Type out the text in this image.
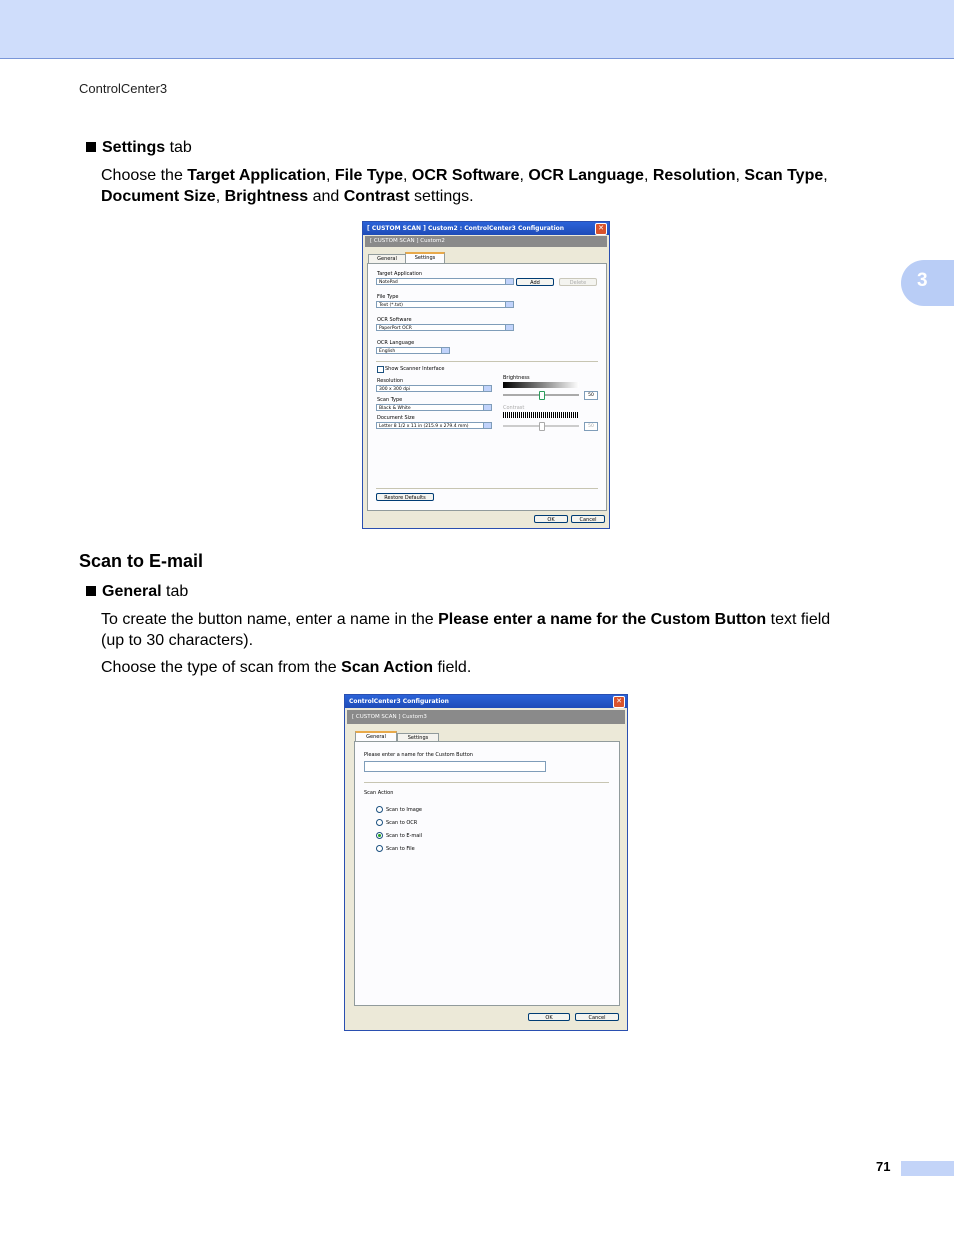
ControlCenter3
3
Settings tab
Choose the Target Application, File Type, OCR Software, OCR Language, Resolution, Scan Type,
Document Size, Brightness and Contrast settings.
[ CUSTOM SCAN ] Custom2 : ControlCenter3 Configuration	✕
[ CUSTOM SCAN ] Custom2
General	Settings
Target Application
NotePad	Add	Delete
File Type
Text (*.txt)
OCR Software
PaperPort OCR
OCR Language
English
Show Scanner Interface
Resolution
300 x 300 dpi
Scan Type
Black & White
Document Size
Letter 8 1/2 x 11 in (215.9 x 279.4 mm)
Brightness
50
Contrast
50
Restore Defaults
OK	Cancel
Scan to E-mail
General tab
To create the button name, enter a name in the Please enter a name for the Custom Button text field
(up to 30 characters).
Choose the type of scan from the Scan Action field.
ControlCenter3 Configuration	✕
[ CUSTOM SCAN ] Custom3
General	Settings
Please enter a name for the Custom Button
Scan Action
Scan to Image
Scan to OCR
Scan to E-mail
Scan to File
OK	Cancel
71
